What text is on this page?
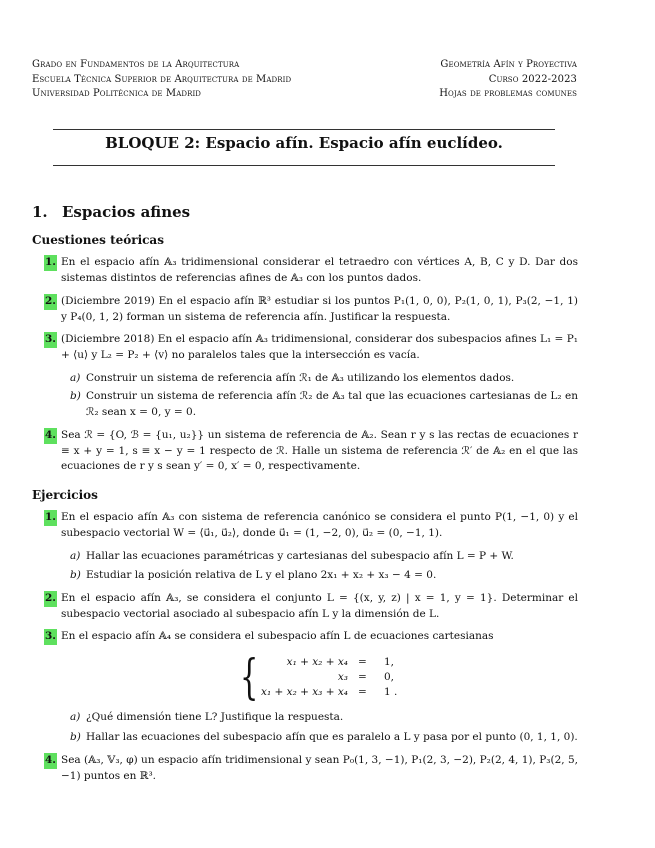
Grado en Fundamentos de la Arquitectura
Escuela Técnica Superior de Arquitectura de Madrid
Universidad Politécnica de Madrid
Geometría Afín y Proyectiva
Curso 2022-2023
Hojas de problemas comunes
BLOQUE 2: Espacio afín. Espacio afín euclídeo.
1. Espacios afines
Cuestiones teóricas
1. En el espacio afín 𝔸₃ tridimensional considerar el tetraedro con vértices A, B, C y D. Dar dos sistemas distintos de referencias afines de 𝔸₃ con los puntos dados.
2. (Diciembre 2019) En el espacio afín ℝ³ estudiar si los puntos P₁(1, 0, 0), P₂(1, 0, 1), P₃(2, −1, 1) y P₄(0, 1, 2) forman un sistema de referencia afín. Justificar la respuesta.
3. (Diciembre 2018) En el espacio afín 𝔸₃ tridimensional, considerar dos subespacios afines L₁ = P₁ + ⟨u⟩ y L₂ = P₂ + ⟨v⟩ no paralelos tales que la intersección es vacía.
a) Construir un sistema de referencia afín ℛ₁ de 𝔸₃ utilizando los elementos dados.
b) Construir un sistema de referencia afín ℛ₂ de 𝔸₃ tal que las ecuaciones cartesianas de L₂ en ℛ₂ sean x = 0, y = 0.
4. Sea ℛ = {O, ℬ = {u₁, u₂}} un sistema de referencia de 𝔸₂. Sean r y s las rectas de ecuaciones r ≡ x + y = 1, s ≡ x − y = 1 respecto de ℛ. Halle un sistema de referencia ℛ′ de 𝔸₂ en el que las ecuaciones de r y s sean y′ = 0, x′ = 0, respectivamente.
Ejercicios
1. En el espacio afín 𝔸₃ con sistema de referencia canónico se considera el punto P(1, −1, 0) y el subespacio vectorial W = ⟨u⃗₁, u⃗₂⟩, donde u⃗₁ = (1, −2, 0), u⃗₂ = (0, −1, 1).
a) Hallar las ecuaciones paramétricas y cartesianas del subespacio afín L = P + W.
b) Estudiar la posición relativa de L y el plano 2x₁ + x₂ + x₃ − 4 = 0.
2. En el espacio afín 𝔸₃, se considera el conjunto L = {(x, y, z) | x = 1, y = 1}. Determinar el subespacio vectorial asociado al subespacio afín L y la dimensión de L.
3. En el espacio afín 𝔸₄ se considera el subespacio afín L de ecuaciones cartesianas
{	x₁ + x₂ + x₄ = 1,
x₃ = 0,
x₁ + x₂ + x₃ + x₄ = 1 .
a) ¿Qué dimensión tiene L? Justifique la respuesta.
b) Hallar las ecuaciones del subespacio afín que es paralelo a L y pasa por el punto (0, 1, 1, 0).
4. Sea (𝔸₃, 𝕍₃, φ) un espacio afín tridimensional y sean P₀(1, 3, −1), P₁(2, 3, −2), P₂(2, 4, 1), P₃(2, 5, −1) puntos en ℝ³.
